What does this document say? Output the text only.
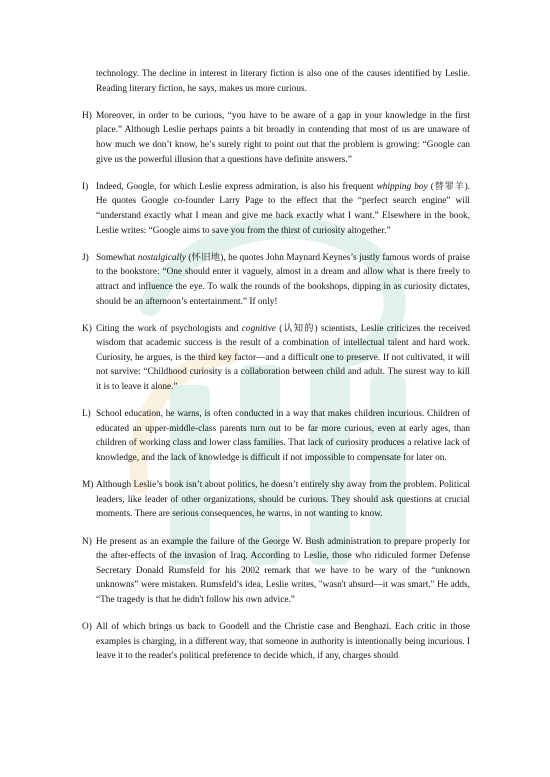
technology. The decline in interest in literary fiction is also one of the causes identified by Leslie. Reading literary fiction, he says, makes us more curious.

H) Moreover, in order to be curious, “you have to be aware of a gap in your knowledge in the first place.” Although Leslie perhaps paints a bit broadly in contending that most of us are unaware of how much we don’t know, he’s surely right to point out that the problem is growing: “Google can give us the powerful illusion that a questions have definite answers.”

I) Indeed, Google, for which Leslie express admiration, is also his frequent whipping boy (替罪羊). He quotes Google co-founder Larry Page to the effect that the “perfect search engine” will “understand exactly what I mean and give me back exactly what I want.” Elsewhere in the book, Leslie writes: “Google aims to save you from the thirst of curiosity altogether.”

J) Somewhat nostalgically (怀旧地), he quotes John Maynard Keynes’s justly famous words of praise to the bookstore: “One should enter it vaguely, almost in a dream and allow what is there freely to attract and influence the eye. To walk the rounds of the bookshops, dipping in as curiosity dictates, should be an afternoon’s entertainment.” If only!

K) Citing the work of psychologists and cognitive (认知的) scientists, Leslie criticizes the received wisdom that academic success is the result of a combination of intellectual talent and hard work. Curiosity, he argues, is the third key factor—and a difficult one to preserve. If not cultivated, it will not survive: “Childhood curiosity is a collaboration between child and adult. The surest way to kill it is to leave it alone.”

L) School education, he warns, is often conducted in a way that makes children incurious. Children of educated an upper-middle-class parents turn out to be far more curious, even at early ages, than children of working class and lower class families. That lack of curiosity produces a relative lack of knowledge, and the lack of knowledge is difficult if not impossible to compensate for later on.

M) Although Leslie’s book isn’t about politics, he doesn’t entirely shy away from the problem. Political leaders, like leader of other organizations, should be curious. They should ask questions at crucial moments. There are serious consequences, he warns, in not wanting to know.

N) He present as an example the failure of the George W. Bush administration to prepare properly for the after-effects of the invasion of Iraq. According to Leslie, those who ridiculed former Defense Secretary Donald Rumsfeld for his 2002 remark that we have to be wary of the “unknown unknowns” were mistaken. Rumsfeld’s idea, Leslie writes, "wasn't absurd—it was smart." He adds, “The tragedy is that he didn't follow his own advice.”

O) All of which brings us back to Goodell and the Christie case and Benghazi. Each critic in those examples is charging, in a different way, that someone in authority is intentionally being incurious. I leave it to the reader's political preference to decide which, if any, charges should
